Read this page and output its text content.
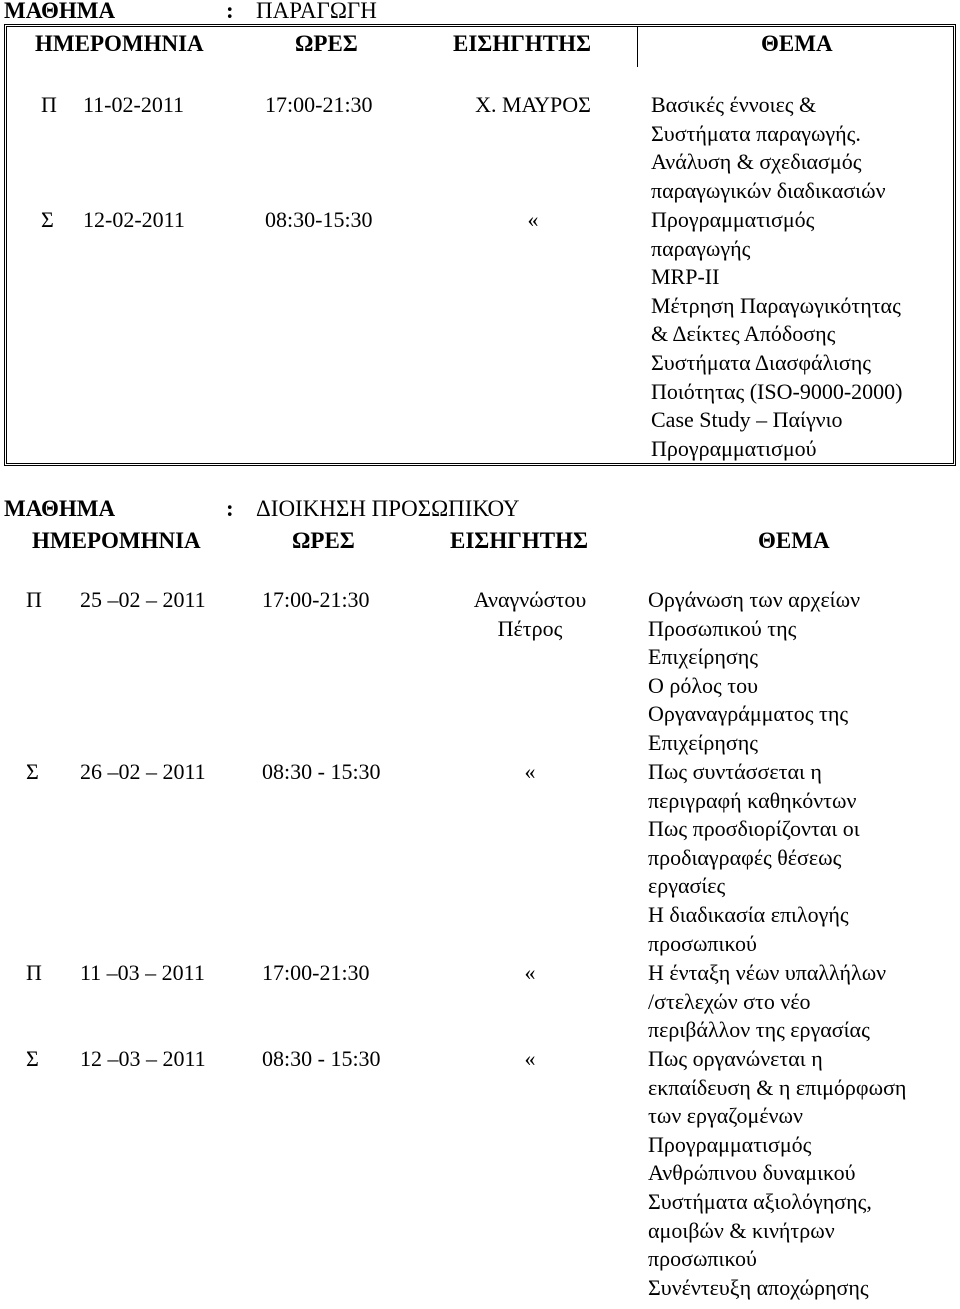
ΜΑΘΗΜΑ	: ΠΑΡΑΓΩΓΗ
ΗΜΕΡΟΜΗΝΙΑ	ΩΡΕΣ	ΕΙΣΗΓΗΤΗΣ	ΘΕΜΑ
Π 11-02-2011	17:00-21:30	Χ. ΜΑΥΡΟΣ	Βασικές έννοιες &
Συστήματα παραγωγής.
Ανάλυση & σχεδιασμός
παραγωγικών διαδικασιών
Σ 12-02-2011	08:30-15:30	«	Προγραμματισμός
παραγωγής
MRP-II
Μέτρηση Παραγωγικότητας
& Δείκτες Απόδοσης
Συστήματα Διασφάλισης
Ποιότητας (ISO-9000-2000)
Case Study – Παίγνιο
Προγραμματισμού
ΜΑΘΗΜΑ	: ΔΙΟΙΚΗΣΗ ΠΡΟΣΩΠΙΚΟΥ
ΗΜΕΡΟΜΗΝΙΑ	ΩΡΕΣ	ΕΙΣΗΓΗΤΗΣ	ΘΕΜΑ
Π 25 –02 – 2011	17:00-21:30	Αναγνώστου Πέτρος
Οργάνωση των αρχείων
Προσωπικού της
Επιχείρησης
Ο ρόλος του
Οργαναγράμματος της
Επιχείρησης
Σ 26 –02 – 2011	08:30 - 15:30	«	Πως συντάσσεται η
περιγραφή καθηκόντων
Πως προσδιορίζονται οι
προδιαγραφές θέσεως
εργασίες
Η διαδικασία επιλογής
προσωπικού
Π 11 –03 – 2011	17:00-21:30	«	Η ένταξη νέων υπαλλήλων
/στελεχών στο νέο
περιβάλλον της εργασίας
Σ 12 –03 – 2011	08:30 - 15:30	«	Πως οργανώνεται η
εκπαίδευση & η επιμόρφωση
των εργαζομένων
Προγραμματισμός
Ανθρώπινου δυναμικού
Συστήματα αξιολόγησης,
αμοιβών & κινήτρων
προσωπικού
Συνέντευξη αποχώρησης
